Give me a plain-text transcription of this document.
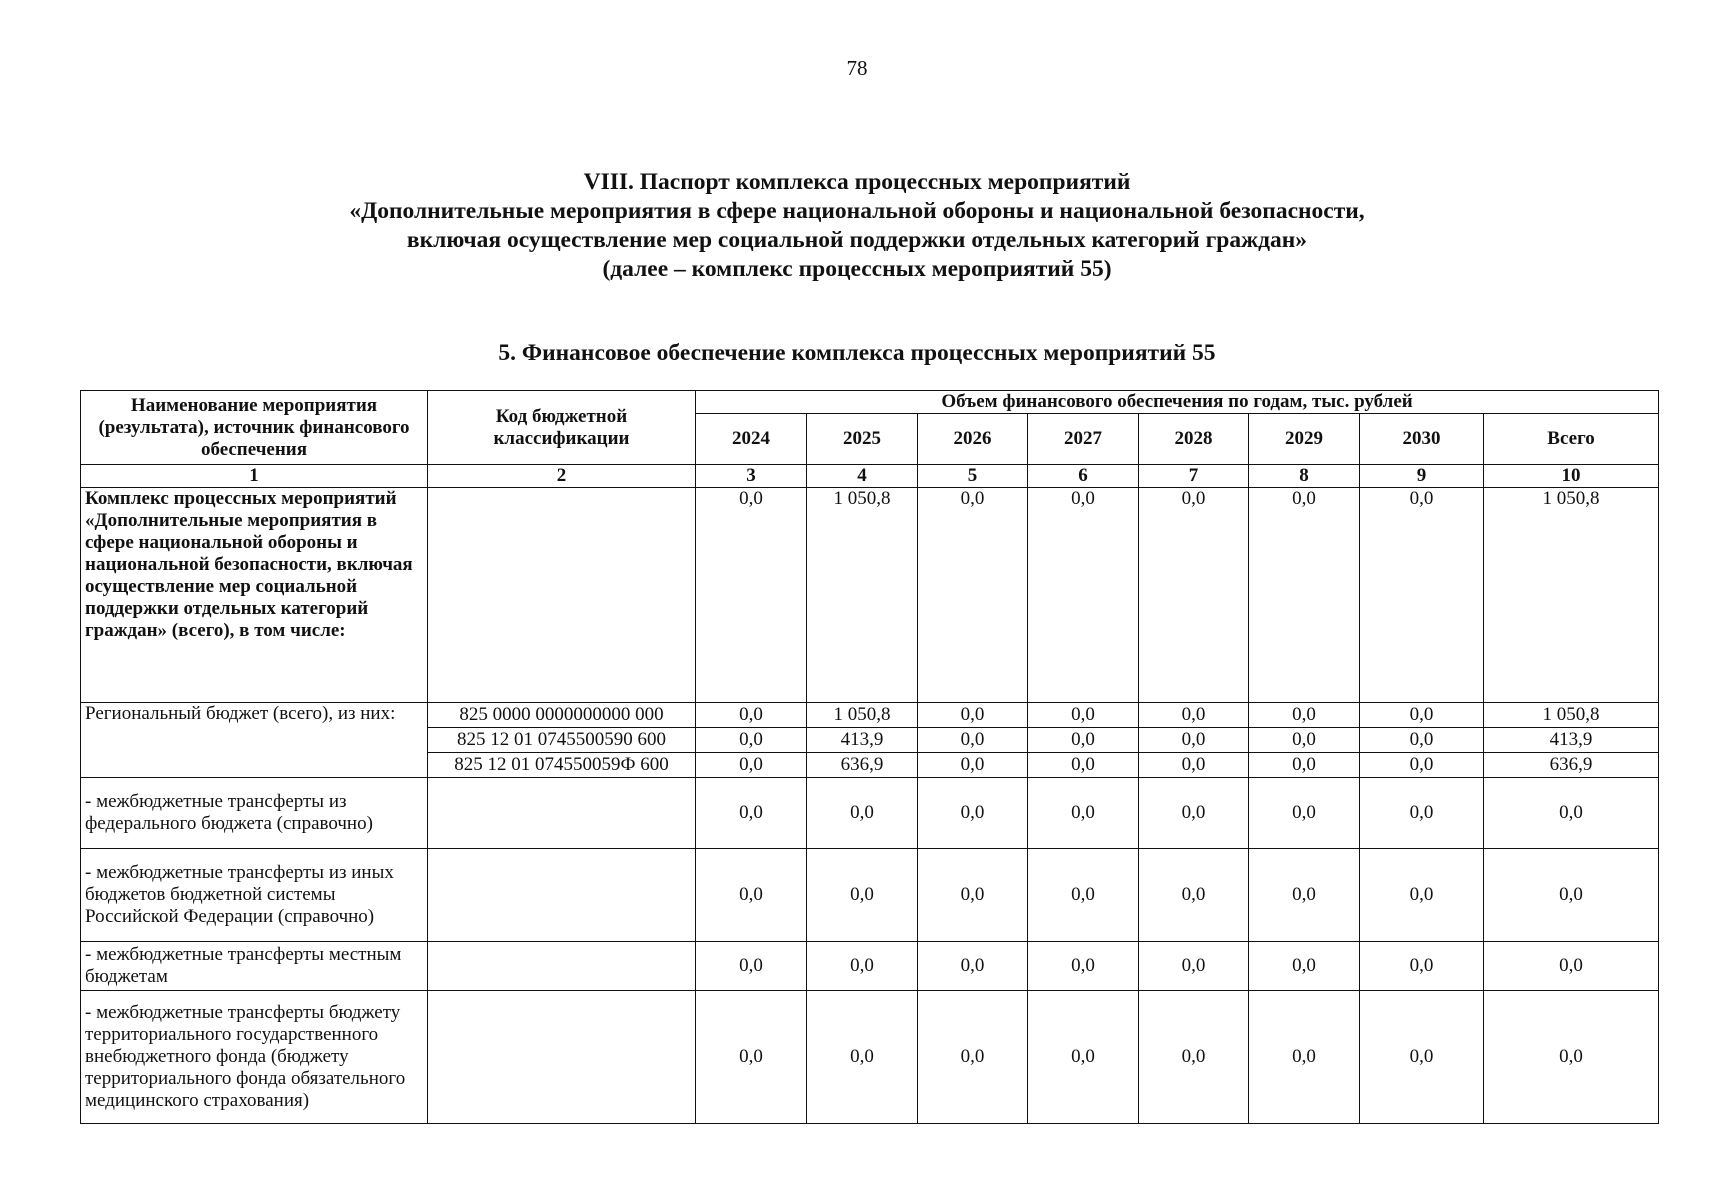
78
VIII. Паспорт комплекса процессных мероприятий
«Дополнительные мероприятия в сфере национальной обороны и национальной безопасности,
включая осуществление мер социальной поддержки отдельных категорий граждан»
(далее – комплекс процессных мероприятий 55)
5. Финансовое обеспечение комплекса процессных мероприятий 55
Наименование мероприятия (результата), источник финансового обеспечения	Код бюджетной классификации	Объем финансового обеспечения по годам, тыс. рублей							
		2024	2025	2026	2027	2028	2029	2030	Всего
1	2	3	4	5	6	7	8	9	10
Комплекс процессных мероприятий «Дополнительные мероприятия в сфере национальной обороны и национальной безопасности, включая осуществление мер социальной поддержки отдельных категорий граждан» (всего), в том числе:		0,0	1 050,8	0,0	0,0	0,0	0,0	0,0	1 050,8
Региональный бюджет (всего), из них:	825 0000 0000000000 000	0,0	1 050,8	0,0	0,0	0,0	0,0	0,0	1 050,8
	825 12 01 0745500590 600	0,0	413,9	0,0	0,0	0,0	0,0	0,0	413,9
	825 12 01 074550059Ф 600	0,0	636,9	0,0	0,0	0,0	0,0	0,0	636,9
- межбюджетные трансферты из федерального бюджета (справочно)		0,0	0,0	0,0	0,0	0,0	0,0	0,0	0,0
- межбюджетные трансферты из иных бюджетов бюджетной системы Российской Федерации (справочно)		0,0	0,0	0,0	0,0	0,0	0,0	0,0	0,0
- межбюджетные трансферты местным бюджетам		0,0	0,0	0,0	0,0	0,0	0,0	0,0	0,0
- межбюджетные трансферты бюджету территориального государственного внебюджетного фонда (бюджету территориального фонда обязательного медицинского страхования)		0,0	0,0	0,0	0,0	0,0	0,0	0,0	0,0
